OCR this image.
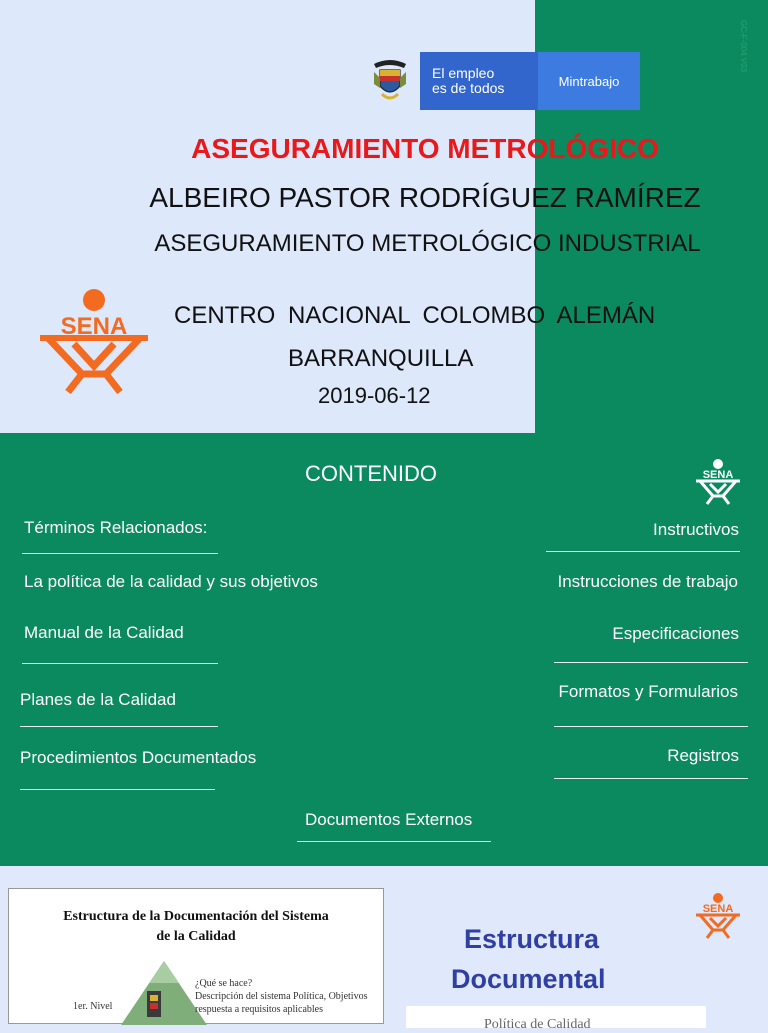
El empleo
es de todos	Mintrabajo
GC-F-004 V03
ASEGURAMIENTO METROLÓGICO
ALBEIRO PASTOR RODRÍGUEZ RAMÍREZ
ASEGURAMIENTO METROLÓGICO INDUSTRIAL
SENA CENTRO NACIONAL COLOMBO ALEMÁN
BARRANQUILLA
2019-06-12
CONTENIDO	SENA
Términos Relacionados:
La política de la calidad y sus objetivos
Manual de la Calidad
Planes de la Calidad
Procedimientos Documentados
Instructivos
Instrucciones de trabajo
Especificaciones
Formatos y Formularios
Registros
Documentos Externos
Estructura de la Documentación del Sistema
de la Calidad
1er. Nivel
¿Qué se hace?
Descripción del sistema Política, Objetivos
respuesta a requisitos aplicables
Estructura
Documental
Política de Calidad
SENA
